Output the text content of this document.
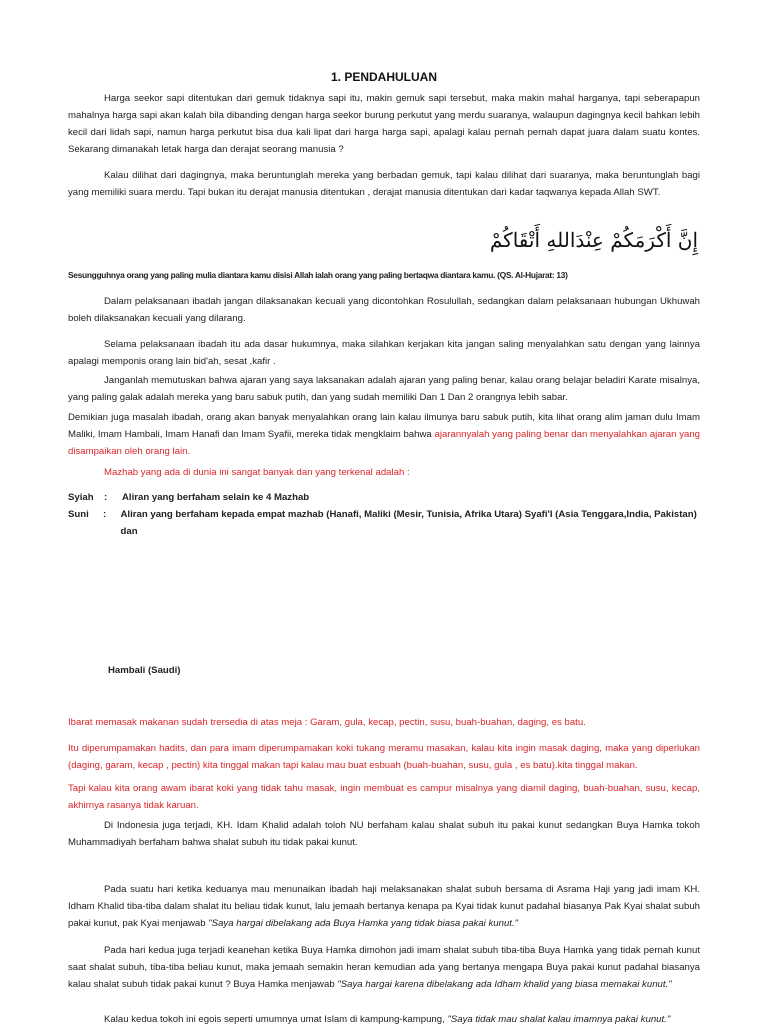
1. PENDAHULUAN

Harga seekor sapi ditentukan dari gemuk tidaknya sapi itu, makin gemuk sapi tersebut, maka makin mahal harganya, tapi seberapapun mahalnya harga sapi akan kalah bila dibanding dengan harga seekor burung perkutut yang merdu suaranya, walaupun dagingnya kecil bahkan lebih kecil dari lidah sapi, namun harga perkutut bisa dua kali lipat dari harga harga sapi, apalagi kalau pernah pernah dapat juara dalam suatu kontes. Sekarang dimanakah letak harga dan derajat seorang manusia ?

Kalau dilihat dari dagingnya, maka beruntunglah mereka yang berbadan gemuk, tapi kalau dilihat dari suaranya, maka beruntunglah bagi yang memiliki suara merdu. Tapi bukan itu derajat manusia ditentukan , derajat manusia ditentukan dari kadar taqwanya kepada Allah SWT.

إِنَّ أَكْرَمَكُمْ عِنْدَاللهِ أَتْقَاكُمْ

Sesungguhnya orang yang paling mulia diantara kamu disisi Allah ialah orang yang paling bertaqwa diantara kamu. (QS. Al-Hujarat: 13)

Dalam pelaksanaan ibadah jangan dilaksanakan kecuali yang dicontohkan Rosulullah, sedangkan dalam pelaksanaan hubungan Ukhuwah boleh dilaksanakan kecuali yang dilarang.

Selama pelaksanaan ibadah itu ada dasar hukumnya, maka silahkan kerjakan kita jangan saling menyalahkan satu dengan yang lainnya apalagi memponis orang lain bid'ah, sesat ,kafir .

Janganlah memutuskan bahwa ajaran yang saya laksanakan adalah ajaran yang paling benar, kalau orang belajar beladiri Karate misalnya, yang paling galak adalah mereka yang baru sabuk putih, dan yang sudah memiliki Dan 1 Dan 2 orangnya lebih sabar.

Demikian juga masalah ibadah, orang akan banyak menyalahkan orang lain kalau ilmunya baru sabuk putih, kita lihat orang alim jaman dulu Imam Maliki, Imam Hambali, Imam Hanafi dan Imam Syafii, mereka tidak mengklaim bahwa ajarannyalah yang paling benar dan menyalahkan ajaran yang disampaikan oleh orang lain.

Mazhab yang ada di dunia ini sangat banyak dan yang terkenal adalah :

Syiah	:	Aliran yang berfaham selain ke 4 Mazhab
Suni	:	Aliran yang berfaham kepada empat mazhab (Hanafi, Maliki (Mesir, Tunisia, Afrika Utara) Syafi'I (Asia Tenggara,India, Pakistan) dan

Hambali (Saudi)

Ibarat memasak makanan sudah trersedia di atas meja : Garam, gula, kecap, pectin, susu, buah-buahan, daging, es batu.

Itu diperumpamakan hadits, dan para imam diperumpamakan koki tukang meramu masakan, kalau kita ingin masak daging, maka yang diperlukan (daging, garam, kecap , pectin) kita tinggal makan tapi kalau mau buat esbuah (buah-buahan, susu, gula , es batu).kita tinggal makan.

Tapi kalau kita orang awam ibarat koki yang tidak tahu masak, ingin membuat es campur misalnya yang diamil daging, buah-buahan, susu, kecap, akhirnya rasanya tidak karuan.

Di Indonesia juga terjadi, KH. Idam Khalid adalah toloh NU berfaham kalau shalat subuh itu pakai kunut sedangkan Buya Hamka tokoh Muhammadiyah berfaham bahwa shalat subuh itu tidak pakai kunut.

Pada suatu hari ketika keduanya mau menunaikan ibadah haji melaksanakan shalat subuh bersama di Asrama Haji yang jadi imam KH. Idham Khalid tiba-tiba dalam shalat itu beliau tidak kunut, lalu jemaah bertanya kenapa pa Kyai tidak kunut padahal biasanya Pak Kyai shalat subuh pakai kunut, pak Kyai menjawab "Saya hargai dibelakang ada Buya Hamka yang tidak biasa pakai kunut."

Pada hari kedua juga terjadi keanehan ketika Buya Hamka dimohon jadi imam shalat subuh tiba-tiba Buya Hamka yang tidak pernah kunut saat shalat subuh, tiba-tiba beliau kunut, maka jemaah semakin heran kemudian ada yang bertanya mengapa Buya pakai kunut padahal biasanya kalau shalat subuh tidak pakai kunut ? Buya Hamka menjawab "Saya hargai karena dibelakang ada Idham khalid yang biasa memakai kunut."

Kalau kedua tokoh ini egois seperti umumnya umat Islam di kampung-kampung, "Saya tidak mau shalat kalau imamnya pakai kunut."
